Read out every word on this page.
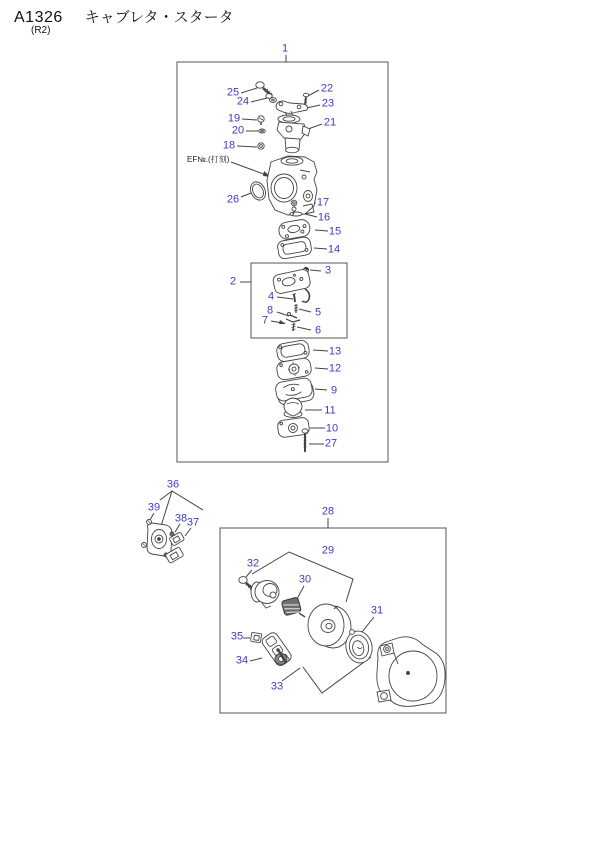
A1326 キャブレタ・スタータ
(R2)
EF№.(打刻)
1
2
3
4
5
6
7
8
9
10
11
12
13
14
15
16
17
18
19
20
21
22
23
24
25
26
27
28
29
30
31
32
33
34
35
36
37
38
39
